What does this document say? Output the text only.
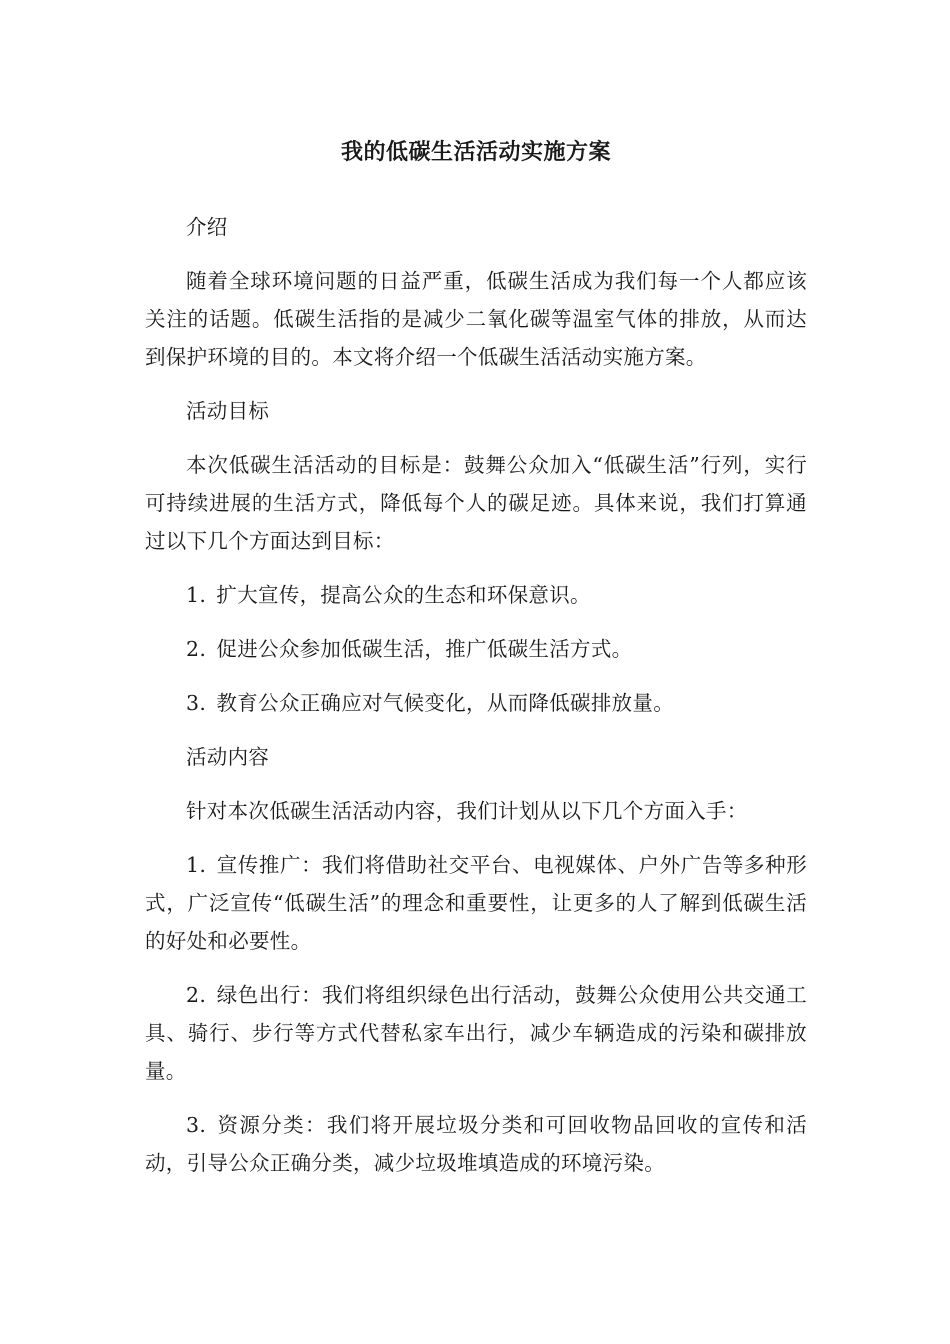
我的低碳生活活动实施方案

介绍

随着全球环境问题的日益严重，低碳生活成为我们每一个人都应该关注的话题。低碳生活指的是减少二氧化碳等温室气体的排放，从而达到保护环境的目的。本文将介绍一个低碳生活活动实施方案。

活动目标

本次低碳生活活动的目标是：鼓舞公众加入“低碳生活”行列，实行可持续进展的生活方式，降低每个人的碳足迹。具体来说，我们打算通过以下几个方面达到目标：

1. 扩大宣传，提高公众的生态和环保意识。

2. 促进公众参加低碳生活，推广低碳生活方式。

3. 教育公众正确应对气候变化，从而降低碳排放量。

活动内容

针对本次低碳生活活动内容，我们计划从以下几个方面入手：

1. 宣传推广：我们将借助社交平台、电视媒体、户外广告等多种形式，广泛宣传“低碳生活”的理念和重要性，让更多的人了解到低碳生活的好处和必要性。

2. 绿色出行：我们将组织绿色出行活动，鼓舞公众使用公共交通工具、骑行、步行等方式代替私家车出行，减少车辆造成的污染和碳排放量。

3. 资源分类：我们将开展垃圾分类和可回收物品回收的宣传和活动，引导公众正确分类，减少垃圾堆填造成的环境污染。
